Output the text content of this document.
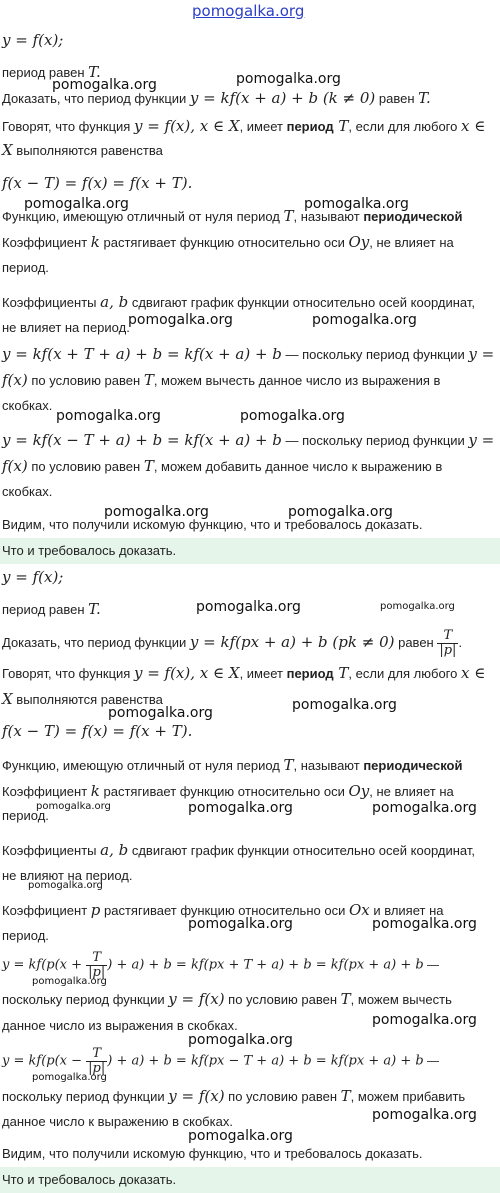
pomogalka.org
pomogalka.org	pomogalka.org
pomogalka.org	pomogalka.org
pomogalka.org	pomogalka.org
pomogalka.org	pomogalka.org
pomogalka.org	pomogalka.org
pomogalka.org	pomogalka.org
pomogalka.org	pomogalka.org
pomogalka.org	pomogalka.org	pomogalka.org
pomogalka.org
pomogalka.org	pomogalka.org
pomogalka.org
pomogalka.org
pomogalka.org
pomogalka.org
pomogalka.org
pomogalka.org
y = f(x);
период равен T.
Доказать, что период функции y = kf(x + a) + b (k ≠ 0) равен T.
Говорят, что функция y = f(x), x ∈ X, имеет период T, если для любого x ∈
X выполняются равенства
f(x − T) = f(x) = f(x + T).
Функцию, имеющую отличный от нуля период T, называют периодической
Коэффициент k растягивает функцию относительно оси Oy, не влияет на
период.
Коэффициенты a, b сдвигают график функции относительно осей координат,
не влияет на период.
y = kf(x + T + a) + b = kf(x + a) + b — поскольку период функции y =
f(x) по условию равен T, можем вычесть данное число из выражения в
скобках.
y = kf(x − T + a) + b = kf(x + a) + b — поскольку период функции y =
f(x) по условию равен T, можем добавить данное число к выражению в
скобках.
Видим, что получили искомую функцию, что и требовалось доказать.
Что и требовалось доказать.
y = f(x);
период равен T.
Доказать, что период функции y = kf(px + a) + b (pk ≠ 0) равен $\frac{T}{|p|}$ .
Говорят, что функция y = f(x), x ∈ X, имеет период T, если для любого x ∈
X выполняются равенства
f(x − T) = f(x) = f(x + T).
Функцию, имеющую отличный от нуля период T, называют периодической
Коэффициент k растягивает функцию относительно оси Oy, не влияет на
период.
Коэффициенты a, b сдвигают график функции относительно осей координат,
не влияют на период.
Коэффициент p растягивает функцию относительно оси Ox и влияет на
период.
$y = kf(p(x + \frac{T}{|p|}$ ) + a) + b = kf(px + T + a) + b = kf(px + a) + b —
поскольку период функции y = f(x) по условию равен T, можем вычесть
данное число из выражения в скобках.
$y = kf(p(x - \frac{T}{|p|}$ ) + a) + b = kf(px − T + a) + b = kf(px + a) + b —
поскольку период функции y = f(x) по условию равен T, можем прибавить
данное число к выражению в скобках.
Видим, что получили искомую функцию, что и требовалось доказать.
Что и требовалось доказать.
